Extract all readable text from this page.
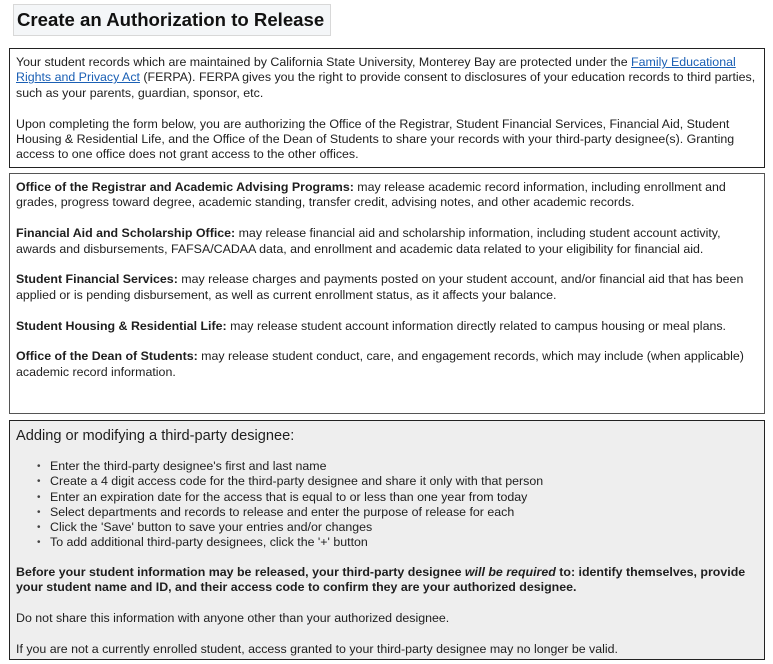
Create an Authorization to Release

Your student records which are maintained by California State University, Monterey Bay are protected under the Family Educational Rights and Privacy Act (FERPA). FERPA gives you the right to provide consent to disclosures of your education records to third parties, such as your parents, guardian, sponsor, etc.

Upon completing the form below, you are authorizing the Office of the Registrar, Student Financial Services, Financial Aid, Student Housing & Residential Life, and the Office of the Dean of Students to share your records with your third-party designee(s). Granting access to one office does not grant access to the other offices.

Office of the Registrar and Academic Advising Programs: may release academic record information, including enrollment and grades, progress toward degree, academic standing, transfer credit, advising notes, and other academic records.

Financial Aid and Scholarship Office: may release financial aid and scholarship information, including student account activity, awards and disbursements, FAFSA/CADAA data, and enrollment and academic data related to your eligibility for financial aid.

Student Financial Services: may release charges and payments posted on your student account, and/or financial aid that has been applied or is pending disbursement, as well as current enrollment status, as it affects your balance.

Student Housing & Residential Life: may release student account information directly related to campus housing or meal plans.

Office of the Dean of Students: may release student conduct, care, and engagement records, which may include (when applicable) academic record information.

Adding or modifying a third-party designee:
• Enter the third-party designee's first and last name
• Create a 4 digit access code for the third-party designee and share it only with that person
• Enter an expiration date for the access that is equal to or less than one year from today
• Select departments and records to release and enter the purpose of release for each
• Click the 'Save' button to save your entries and/or changes
• To add additional third-party designees, click the '+' button

Before your student information may be released, your third-party designee will be required to: identify themselves, provide your student name and ID, and their access code to confirm they are your authorized designee.

Do not share this information with anyone other than your authorized designee.

If you are not a currently enrolled student, access granted to your third-party designee may no longer be valid.
